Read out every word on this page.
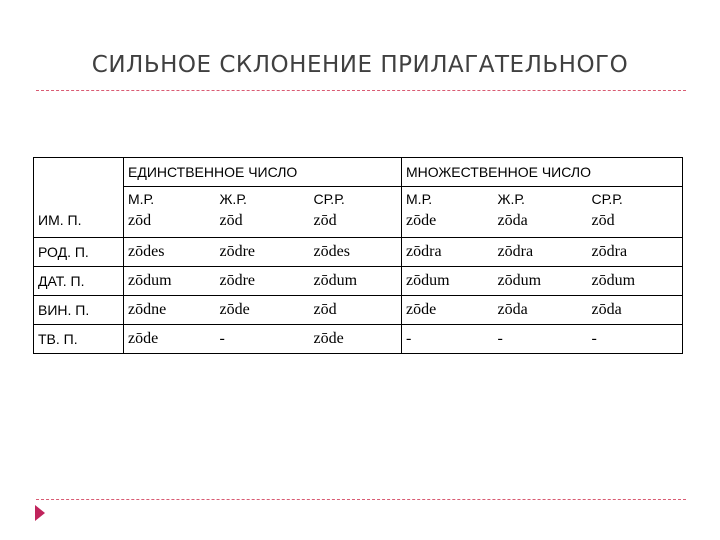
СИЛЬНОЕ СКЛОНЕНИЕ ПРИЛАГАТЕЛЬНОГО
	ЕДИНСТВЕННОЕ ЧИСЛО			МНОЖЕСТВЕННОЕ ЧИСЛО		
	М.Р.	Ж.Р.	СР.Р.	М.Р.	Ж.Р.	СР.Р.
ИМ. П.	zōd	zōd	zōd	zōde	zōda	zōd
РОД. П.	zōdes	zōdre	zōdes	zōdra	zōdra	zōdra
ДАТ. П.	zōdum	zōdre	zōdum	zōdum	zōdum	zōdum
ВИН. П.	zōdne	zōde	zōd	zōde	zōda	zōda
ТВ. П.	zōde	-	zōde	-	-	-
